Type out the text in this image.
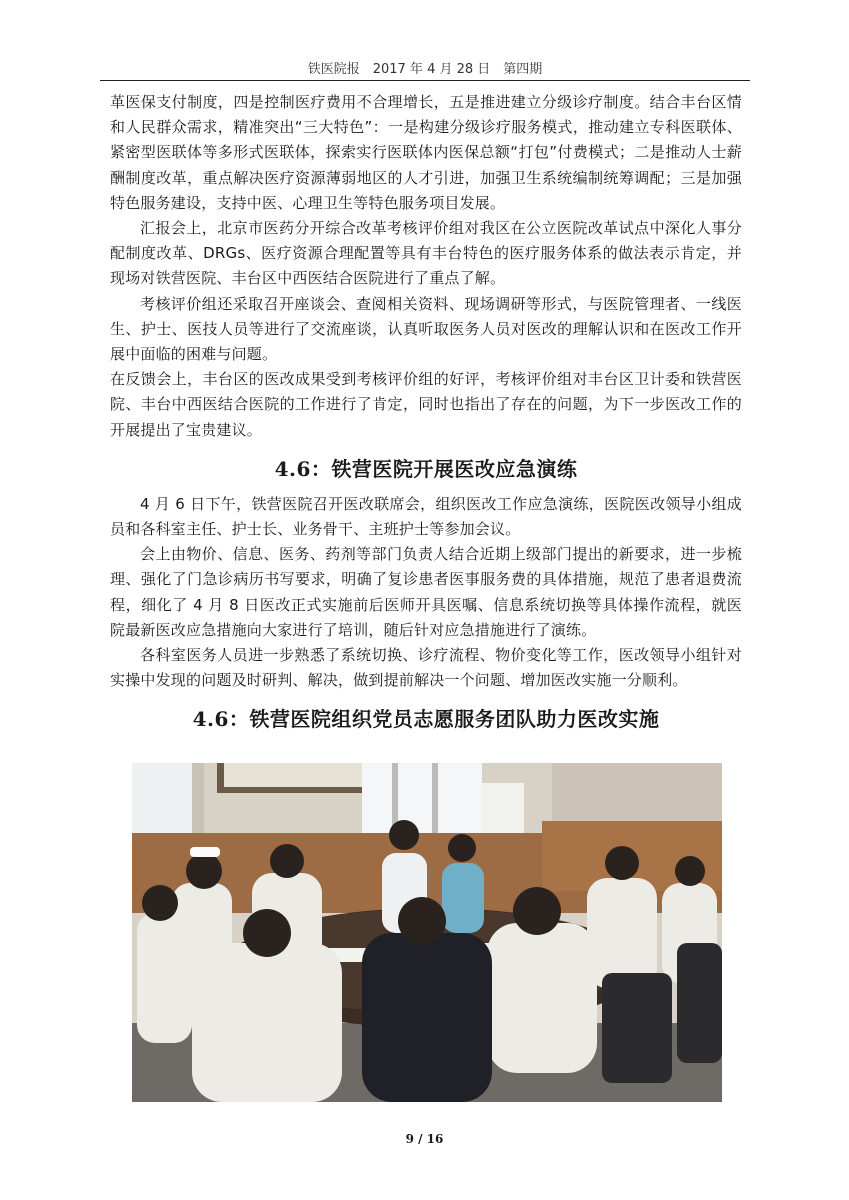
铁医院报　2017 年 4 月 28 日　第四期

革医保支付制度，四是控制医疗费用不合理增长，五是推进建立分级诊疗制度。结合丰台区情和人民群众需求，精准突出“三大特色”：一是构建分级诊疗服务模式，推动建立专科医联体、紧密型医联体等多形式医联体，探索实行医联体内医保总额“打包”付费模式；二是推动人士薪酬制度改革，重点解决医疗资源薄弱地区的人才引进，加强卫生系统编制统筹调配；三是加强特色服务建设，支持中医、心理卫生等特色服务项目发展。

汇报会上，北京市医药分开综合改革考核评价组对我区在公立医院改革试点中深化人事分配制度改革、DRGs、医疗资源合理配置等具有丰台特色的医疗服务体系的做法表示肯定，并现场对铁营医院、丰台区中西医结合医院进行了重点了解。

考核评价组还采取召开座谈会、查阅相关资料、现场调研等形式，与医院管理者、一线医生、护士、医技人员等进行了交流座谈，认真听取医务人员对医改的理解认识和在医改工作开展中面临的困难与问题。

在反馈会上，丰台区的医改成果受到考核评价组的好评，考核评价组对丰台区卫计委和铁营医院、丰台中西医结合医院的工作进行了肯定，同时也指出了存在的问题，为下一步医改工作的开展提出了宝贵建议。

4.6：铁营医院开展医改应急演练

4 月 6 日下午，铁营医院召开医改联席会，组织医改工作应急演练，医院医改领导小组成员和各科室主任、护士长、业务骨干、主班护士等参加会议。

会上由物价、信息、医务、药剂等部门负责人结合近期上级部门提出的新要求，进一步梳理、强化了门急诊病历书写要求，明确了复诊患者医事服务费的具体措施，规范了患者退费流程，细化了 4 月 8 日医改正式实施前后医师开具医嘱、信息系统切换等具体操作流程，就医院最新医改应急措施向大家进行了培训，随后针对应急措施进行了演练。

各科室医务人员进一步熟悉了系统切换、诊疗流程、物价变化等工作，医改领导小组针对实操中发现的问题及时研判、解决，做到提前解决一个问题、增加医改实施一分顺利。

4.6：铁营医院组织党员志愿服务团队助力医改实施
9 / 16
